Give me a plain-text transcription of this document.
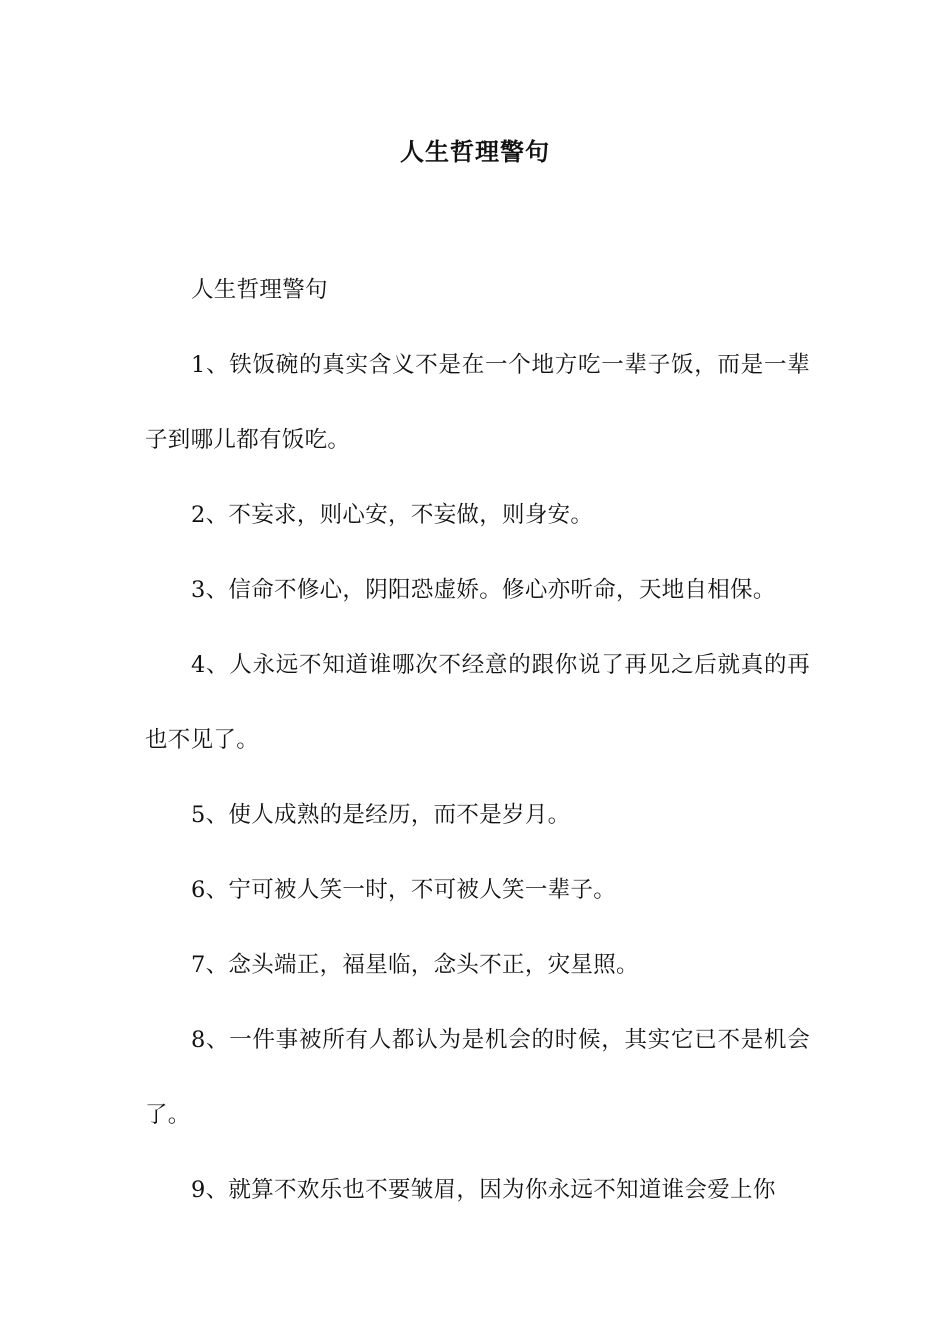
人生哲理警句

人生哲理警句

1、铁饭碗的真实含义不是在一个地方吃一辈子饭，而是一辈子到哪儿都有饭吃。

2、不妄求，则心安，不妄做，则身安。

3、信命不修心，阴阳恐虚娇。修心亦听命，天地自相保。

4、人永远不知道谁哪次不经意的跟你说了再见之后就真的再也不见了。

5、使人成熟的是经历，而不是岁月。

6、宁可被人笑一时，不可被人笑一辈子。

7、念头端正，福星临，念头不正，灾星照。

8、一件事被所有人都认为是机会的时候，其实它已不是机会了。

9、就算不欢乐也不要皱眉，因为你永远不知道谁会爱上你
